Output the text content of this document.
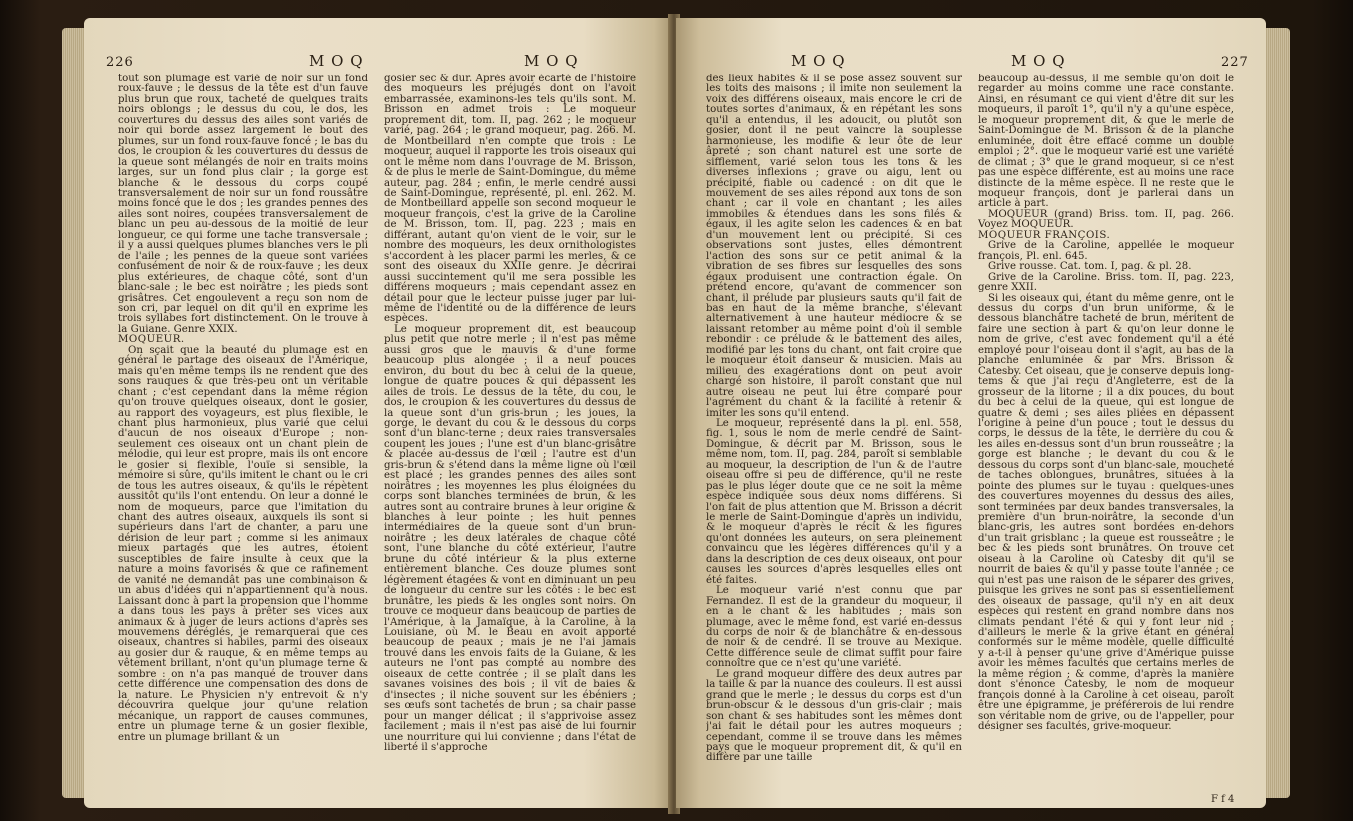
226	M O Q	M O Q

tout son plumage est varié de noir sur un fond roux-fauve ; le dessus de la tête est d'un fauve plus brun que roux, tacheté de quelques traits noirs oblongs ; le dessus du cou, le dos, les couvertures du dessus des ailes sont variés de noir qui borde assez largement le bout des plumes, sur un fond roux-fauve foncé ; le bas du dos, le croupion & les couvertures du dessus de la queue sont mélangés de noir en traits moins larges, sur un fond plus clair ; la gorge est blanche & le dessous du corps coupé transversalement de noir sur un fond roussâtre moins foncé que le dos ; les grandes pennes des ailes sont noires, coupées transversalement de blanc un peu au-dessous de la moitié de leur longueur, ce qui forme une tache transversale ; il y a aussi quelques plumes blanches vers le pli de l'aile ; les pennes de la queue sont variées confusément de noir & de roux-fauve ; les deux plus extérieures, de chaque côté, sont d'un blanc-sale ; le bec est noirâtre ; les pieds sont grisâtres. Cet engoulevent a reçu son nom de son cri, par lequel on dit qu'il en exprime les trois syllabes fort distinctement. On le trouve à la Guiane. Genre XXIX.

MOQUEUR.

On sçait que la beauté du plumage est en général le partage des oiseaux de l'Amérique, mais qu'en même temps ils ne rendent que des sons rauques & que très-peu ont un véritable chant ; c'est cependant dans la même région qu'on trouve quelques oiseaux, dont le gosier, au rapport des voyageurs, est plus flexible, le chant plus harmonieux, plus varié que celui d'aucun de nos oiseaux d'Europe ; non-seulement ces oiseaux ont un chant plein de mélodie, qui leur est propre, mais ils ont encore le gosier si flexible, l'ouïe si sensible, la mémoire si sûre, qu'ils imitent le chant ou le cri de tous les autres oiseaux, & qu'ils le répètent aussitôt qu'ils l'ont entendu. On leur a donné le nom de moqueurs, parce que l'imitation du chant des autres oiseaux, auxquels ils sont si supérieurs dans l'art de chanter, a paru une dérision de leur part ; comme si les animaux mieux partagés que les autres, étoient susceptibles de faire insulte à ceux que la nature a moins favorisés & que ce rafinement de vanité ne demandât pas une combinaison & un abus d'idées qui n'appartiennent qu'à nous. Laissant donc à part la propension que l'homme a dans tous les pays à prêter ses vices aux animaux & à juger de leurs actions d'après ses mouvemens déréglés, je remarquerai que ces oiseaux, chantres si habiles, parmi des oiseaux au gosier dur & rauque, & en même temps au vêtement brillant, n'ont qu'un plumage terne & sombre : on n'a pas manqué de trouver dans cette différence une compensation des dons de la nature. Le Physicien n'y entrevoit & n'y découvrira quelque jour qu'une relation mécanique, un rapport de causes communes, entre un plumage terne & un gosier flexible, entre un plumage brillant & un

gosier sec & dur. Après avoir écarté de l'histoire des moqueurs les préjugés dont on l'avoit embarrassée, examinons-les tels qu'ils sont. M. Brisson en admet trois : Le moqueur proprement dit, tom. II, pag. 262 ; le moqueur varié, pag. 264 ; le grand moqueur, pag. 266. M. de Montbeillard n'en compte que trois : Le moqueur, auquel il rapporte les trois oiseaux qui ont le même nom dans l'ouvrage de M. Brisson, & de plus le merle de Saint-Domingue, du même auteur, pag. 284 ; enfin, le merle cendré aussi de Saint-Domingue, représenté, pl. enl. 262. M. de Montbeillard appelle son second moqueur le moqueur françois, c'est la grive de la Caroline de M. Brisson, tom. II, pag. 223 ; mais en différant, autant qu'on vient de le voir, sur le nombre des moqueurs, les deux ornithologistes s'accordent à les placer parmi les merles, & ce sont des oiseaux du XXIIe genre. Je décrirai aussi succintement qu'il me sera possible les différens moqueurs ; mais cependant assez en détail pour que le lecteur puisse juger par lui-même de l'identité ou de la différence de leurs espèces.

Le moqueur proprement dit, est beaucoup plus petit que notre merle ; il n'est pas même aussi gros que le mauvis & d'une forme beaucoup plus alongée ; il a neuf pouces environ, du bout du bec à celui de la queue, longue de quatre pouces & qui dépassent les ailes de trois. Le dessus de la tête, du cou, le dos, le croupion & les couvertures du dessus de la queue sont d'un gris-brun ; les joues, la gorge, le devant du cou & le dessous du corps sont d'un blanc-terne ; deux raies transversales coupent les joues ; l'une est d'un blanc-grisâtre & placée au-dessus de l'œil ; l'autre est d'un gris-brun & s'étend dans la même ligne où l'œil est placé ; les grandes pennes des ailes sont noirâtres ; les moyennes les plus éloignées du corps sont blanches terminées de brun, & les autres sont au contraire brunes à leur origine & blanches à leur pointe ; les huit pennes intermédiaires de la queue sont d'un brun-noirâtre ; les deux latérales de chaque côté sont, l'une blanche du côté extérieur, l'autre brune du côté intérieur & la plus externe entièrement blanche. Ces douze plumes sont légèrement étagées & vont en diminuant un peu de longueur du centre sur les côtés : le bec est brunâtre, les pieds & les ongles sont noirs. On trouve ce moqueur dans beaucoup de parties de l'Amérique, à la Jamaïque, à la Caroline, à la Louisiane, où M. le Beau en avoit apporté beaucoup de peaux ; mais je ne l'ai jamais trouvé dans les envois faits de la Guiane, & les auteurs ne l'ont pas compté au nombre des oiseaux de cette contrée ; il se plaît dans les savanes voisines des bois ; il vit de baies & d'insectes ; il niche souvent sur les ébéniers ; ses œufs sont tachetés de brun ; sa chair passe pour un manger délicat ; il s'apprivoise assez facilement ; mais il n'est pas aisé de lui fournir une nourriture qui lui convienne ; dans l'état de liberté il s'approche

M O Q	M O Q	227

des lieux habités & il se pose assez souvent sur les toits des maisons ; il imite non seulement la voix des différens oiseaux, mais encore le cri de toutes sortes d'animaux, & en répétant les sons qu'il a entendus, il les adoucit, ou plutôt son gosier, dont il ne peut vaincre la souplesse harmonieuse, les modifie & leur ôte de leur âpreté ; son chant naturel est une sorte de sifflement, varié selon tous les tons & les diverses inflexions ; grave ou aigu, lent ou précipité, fiable ou cadencé : on dit que le mouvement de ses ailes répond aux tons de son chant ; car il vole en chantant ; les ailes immobiles & étendues dans les sons filés & égaux, il les agite selon les cadences & en bat d'un mouvement lent ou précipité. Si ces observations sont justes, elles démontrent l'action des sons sur ce petit animal & la vibration de ses fibres sur lesquelles des sons égaux produisent une contraction égale. On prétend encore, qu'avant de commencer son chant, il prélude par plusieurs sauts qu'il fait de bas en haut de la même branche, s'élevant alternativement à une hauteur médiocre & se laissant retomber au même point d'où il semble rebondir : ce prélude & le battement des ailes, modifié par les tons du chant, ont fait croire que le moqueur étoit danseur & musicien. Mais au milieu des exagérations dont on peut avoir chargé son histoire, il paroît constant que nul autre oiseau ne peut lui être comparé pour l'agrément du chant & la facilité à retenir & imiter les sons qu'il entend.

Le moqueur, représenté dans la pl. enl. 558, fig. 1, sous le nom de merle cendré de Saint-Domingue, & décrit par M. Brisson, sous le même nom, tom. II, pag. 284, paroît si semblable au moqueur, la description de l'un & de l'autre oiseau offre si peu de différence, qu'il ne reste pas le plus léger doute que ce ne soit la même espèce indiquée sous deux noms différens. Si l'on fait de plus attention que M. Brisson a décrit le merle de Saint-Domingue d'après un individu, & le moqueur d'après le récit & les figures qu'ont données les auteurs, on sera pleinement convaincu que les légères différences qu'il y a dans la description de ces deux oiseaux, ont pour causes les sources d'après lesquelles elles ont été faites.

Le moqueur varié n'est connu que par Fernandez. Il est de la grandeur du moqueur, il en a le chant & les habitudes ; mais son plumage, avec le même fond, est varié en-dessus du corps de noir & de blanchâtre & en-dessous de noir & de cendré. Il se trouve au Mexique. Cette différence seule de climat suffit pour faire connoître que ce n'est qu'une variété.

Le grand moqueur diffère des deux autres par la taille & par la nuance des couleurs. Il est aussi grand que le merle ; le dessus du corps est d'un brun-obscur & le dessous d'un gris-clair ; mais son chant & ses habitudes sont les mêmes dont j'ai fait le détail pour les autres moqueurs ; cependant, comme il se trouve dans les mêmes pays que le moqueur proprement dit, & qu'il en diffère par une taille

beaucoup au-dessus, il me semble qu'on doit le regarder au moins comme une race constante. Ainsi, en résumant ce qui vient d'être dit sur les moqueurs, il paroît 1°, qu'il n'y a qu'une espèce, le moqueur proprement dit, & que le merle de Saint-Domingue de M. Brisson & de la planche enluminée, doit être effacé comme un double emploi ; 2°. que le moqueur varié est une variété de climat ; 3° que le grand moqueur, si ce n'est pas une espèce différente, est au moins une race distincte de la même espèce. Il ne reste que le moqueur françois, dont je parlerai dans un article à part.

MOQUEUR (grand) Briss. tom. II, pag. 266. Voyez MOQUEUR.

MOQUEUR FRANÇOIS.

Grive de la Caroline, appellée le moqueur françois, Pl. enl. 645.

Grive rousse. Cat. tom. I, pag. & pl. 28.

Grive de la Caroline. Briss. tom. II, pag. 223, genre XXII.

Si les oiseaux qui, étant du même genre, ont le dessus du corps d'un brun uniforme, & le dessous blanchâtre tacheté de brun, méritent de faire une section à part & qu'on leur donne le nom de grive, c'est avec fondement qu'il a été employé pour l'oiseau dont il s'agit, au bas de la planche enluminée & par Mrs. Brisson & Catesby. Cet oiseau, que je conserve depuis long-tems & que j'ai reçu d'Angleterre, est de la grosseur de la litorne ; il a dix pouces, du bout du bec à celui de la queue, qui est longue de quatre & demi ; ses ailes pliées en dépassent l'origine à peine d'un pouce ; tout le dessus du corps, le dessus de la tête, le derrière du cou & les ailes en-dessus sont d'un brun rousseâtre ; la gorge est blanche ; le devant du cou & le dessous du corps sont d'un blanc-sale, moucheté de taches oblongues, brunâtres, situées à la pointe des plumes sur le tuyau : quelques-unes des couvertures moyennes du dessus des ailes, sont terminées par deux bandes transversales, la première d'un brun-noirâtre, la seconde d'un blanc-gris, les autres sont bordées en-dehors d'un trait grisblanc ; la queue est rousseâtre ; le bec & les pieds sont brunâtres. On trouve cet oiseau à la Caroline où Catesby dit qu'il se nourrit de baies & qu'il y passe toute l'année ; ce qui n'est pas une raison de le séparer des grives, puisque les grives ne sont pas si essentiellement des oiseaux de passage, qu'il n'y en ait deux espèces qui restent en grand nombre dans nos climats pendant l'été & qui y font leur nid ; d'ailleurs le merle & la grive étant en général conformés sur le même modèle, quelle difficulté y a-t-il à penser qu'une grive d'Amérique puisse avoir les mêmes facultés que certains merles de la même région ; & comme, d'après la manière dont s'énonce Catesby, le nom de moqueur françois donné à la Caroline à cet oiseau, paroît être une épigramme, je préférerois de lui rendre son véritable nom de grive, ou de l'appeller, pour désigner ses facultés, grive-moqueur.

F f 4
